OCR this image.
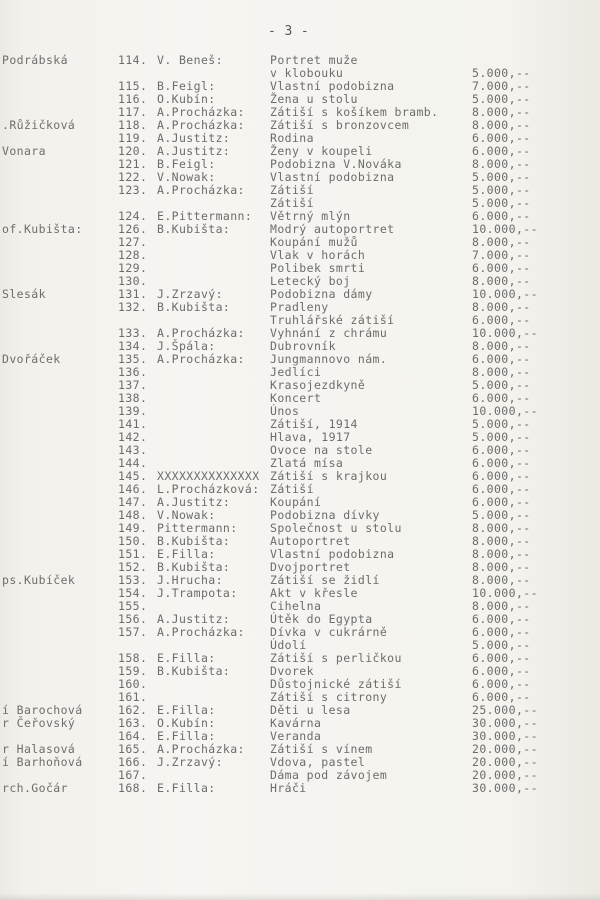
- 3 -
Podrábská	114. V. Beneš:	Portret muže
v klobouku	5.000,--
115. B.Feigl:	Vlastní podobizna	7.000,--
116. O.Kubín:	Žena u stolu	5.000,--
117. A.Procházka: Zátiší s košíkem bramb.	8.000,--
.Růžičková	118. A.Procházka: Zátiší s bronzovcem	8.000,--
119. A.Justitz:	Rodina	6.000,--
Vonara	120. A.Justitz:	Ženy v koupeli	6.000,--
121. B.Feigl:	Podobizna V.Nováka	8.000,--
122. V.Nowak:	Vlastní podobizna	5.000,--
123. A.Procházka: Zátiší	5.000,--
Zátiší	5.000,--
124. E.Pittermann: Větrný mlýn	6.000,--
of.Kubišta:	126. B.Kubišta:	Modrý autoportret	10.000,--
127.	Koupání mužů	8.000,--
128.	Vlak v horách	7.000,--
129.	Polibek smrti	6.000,--
130.	Letecký boj	8.000,--
Slesák	131. J.Zrzavý:	Podobizna dámy	10.000,--
132. B.Kubišta:	Pradleny	8.000,--
Truhlářské zátiší	6.000,--
133. A.Procházka: Vyhnání z chrámu	10.000,--
134. J.Špála:	Dubrovník	8.000,--
Dvořáček	135. A.Procházka: Jungmannovo nám.	6.000,--
136.	Jedlíci	8.000,--
137.	Krasojezdkyně	5.000,--
138.	Koncert	6.000,--
139.	Únos	10.000,--
141.	Zátiší, 1914	5.000,--
142.	Hlava, 1917	5.000,--
143.	Ovoce na stole	6.000,--
144.	Zlatá mísa	6.000,--
145. XXXXXXXXXXXXXX Zátiší s krajkou	6.000,--
146. L.Procházková: Zátiší	6.000,--
147. A.Justitz:	Koupání	6.000,--
148. V.Nowak:	Podobizna dívky	5.000,--
149. Pittermann:	Společnost u stolu	8.000,--
150. B.Kubišta:	Autoportret	8.000,--
151. E.Filla:	Vlastní podobizna	8.000,--
152. B.Kubišta:	Dvojportret	8.000,--
ps.Kubíček	153. J.Hrucha:	Zátiší se židlí	8.000,--
154. J.Trampota:	Akt v křesle	10.000,--
155.	Cihelna	8.000,--
156. A.Justitz:	Útěk do Egypta	6.000,--
157. A.Procházka: Dívka v cukrárně	6.000,--
Údolí	5.000,--
158. E.Filla:	Zátiší s perličkou	6.000,--
159. B.Kubišta:	Dvorek	6.000,--
160.	Důstojnické zátiší	6.000,--
161.	Zátiší s citrony	6.000,--
í Barochová	162. E.Filla:	Děti u lesa	25.000,--
r Čeřovský	163. O.Kubín:	Kavárna	30.000,--
164. E.Filla:	Veranda	30.000,--
r Halasová	165. A.Procházka: Zátiší s vínem	20.000,--
í Barhoňová	166. J.Zrzavý:	Vdova, pastel	20.000,--
167.	Dáma pod závojem	20.000,--
rch.Gočár	168. E.Filla:	Hráči	30.000,--
